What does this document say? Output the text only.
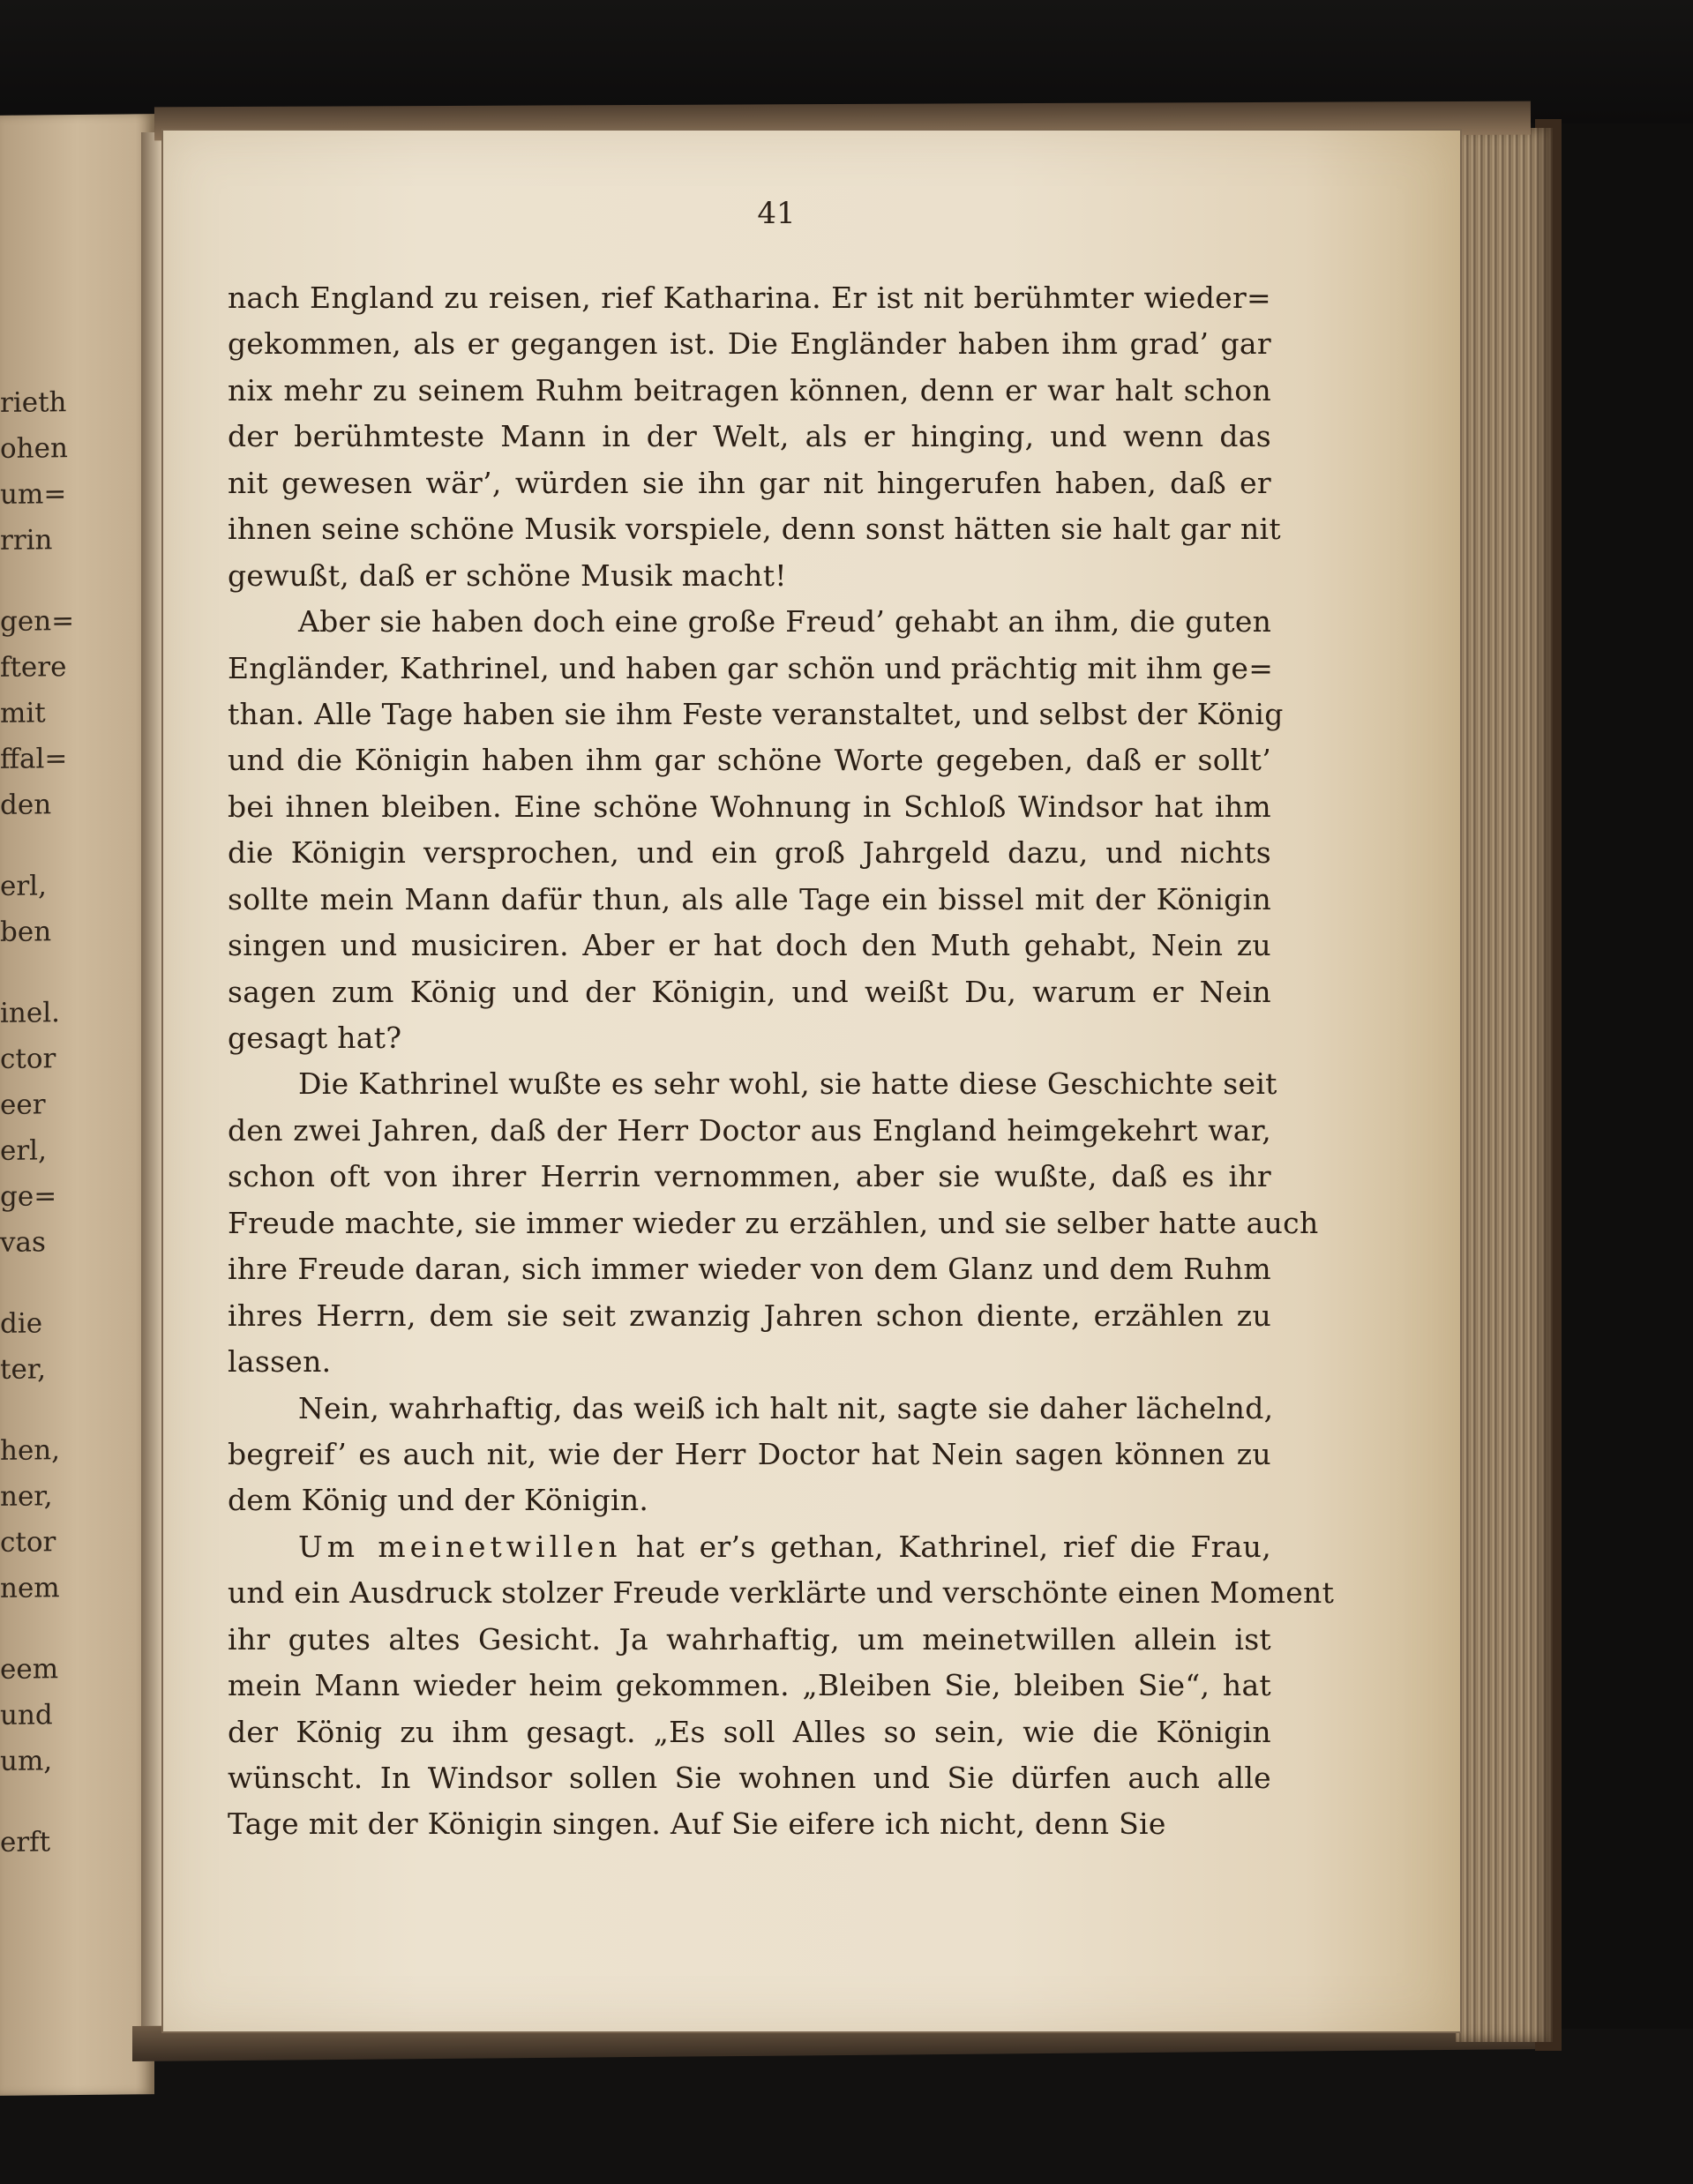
rieth
ohen
um=
rrin
gen=
ftere
mit
ffal=
den
erl,
ben
inel.
ctor
eer
erl,
ge=
vas
die
ter,
hen,
ner,
ctor
nem
eem
und
um,
erft
41
nach England zu reisen, rief Katharina. Er ist nit berühmter wieder=
gekommen, als er gegangen ist. Die Engländer haben ihm grad’ gar
nix mehr zu seinem Ruhm beitragen können, denn er war halt schon
der berühmteste Mann in der Welt, als er hinging, und wenn das
nit gewesen wär’, würden sie ihn gar nit hingerufen haben, daß er
ihnen seine schöne Musik vorspiele, denn sonst hätten sie halt gar nit
gewußt, daß er schöne Musik macht!
Aber sie haben doch eine große Freud’ gehabt an ihm, die guten
Engländer, Kathrinel, und haben gar schön und prächtig mit ihm ge=
than. Alle Tage haben sie ihm Feste veranstaltet, und selbst der König
und die Königin haben ihm gar schöne Worte gegeben, daß er sollt’
bei ihnen bleiben. Eine schöne Wohnung in Schloß Windsor hat ihm
die Königin versprochen, und ein groß Jahrgeld dazu, und nichts
sollte mein Mann dafür thun, als alle Tage ein bissel mit der Königin
singen und musiciren. Aber er hat doch den Muth gehabt, Nein zu
sagen zum König und der Königin, und weißt Du, warum er Nein
gesagt hat?
Die Kathrinel wußte es sehr wohl, sie hatte diese Geschichte seit
den zwei Jahren, daß der Herr Doctor aus England heimgekehrt war,
schon oft von ihrer Herrin vernommen, aber sie wußte, daß es ihr
Freude machte, sie immer wieder zu erzählen, und sie selber hatte auch
ihre Freude daran, sich immer wieder von dem Glanz und dem Ruhm
ihres Herrn, dem sie seit zwanzig Jahren schon diente, erzählen zu
lassen.
Nein, wahrhaftig, das weiß ich halt nit, sagte sie daher lächelnd,
begreif’ es auch nit, wie der Herr Doctor hat Nein sagen können zu
dem König und der Königin.
Um meinetwillen hat er’s gethan, Kathrinel, rief die Frau,
und ein Ausdruck stolzer Freude verklärte und verschönte einen Moment
ihr gutes altes Gesicht. Ja wahrhaftig, um meinetwillen allein ist
mein Mann wieder heim gekommen. „Bleiben Sie, bleiben Sie“, hat
der König zu ihm gesagt. „Es soll Alles so sein, wie die Königin
wünscht. In Windsor sollen Sie wohnen und Sie dürfen auch alle
Tage mit der Königin singen. Auf Sie eifere ich nicht, denn Sie
